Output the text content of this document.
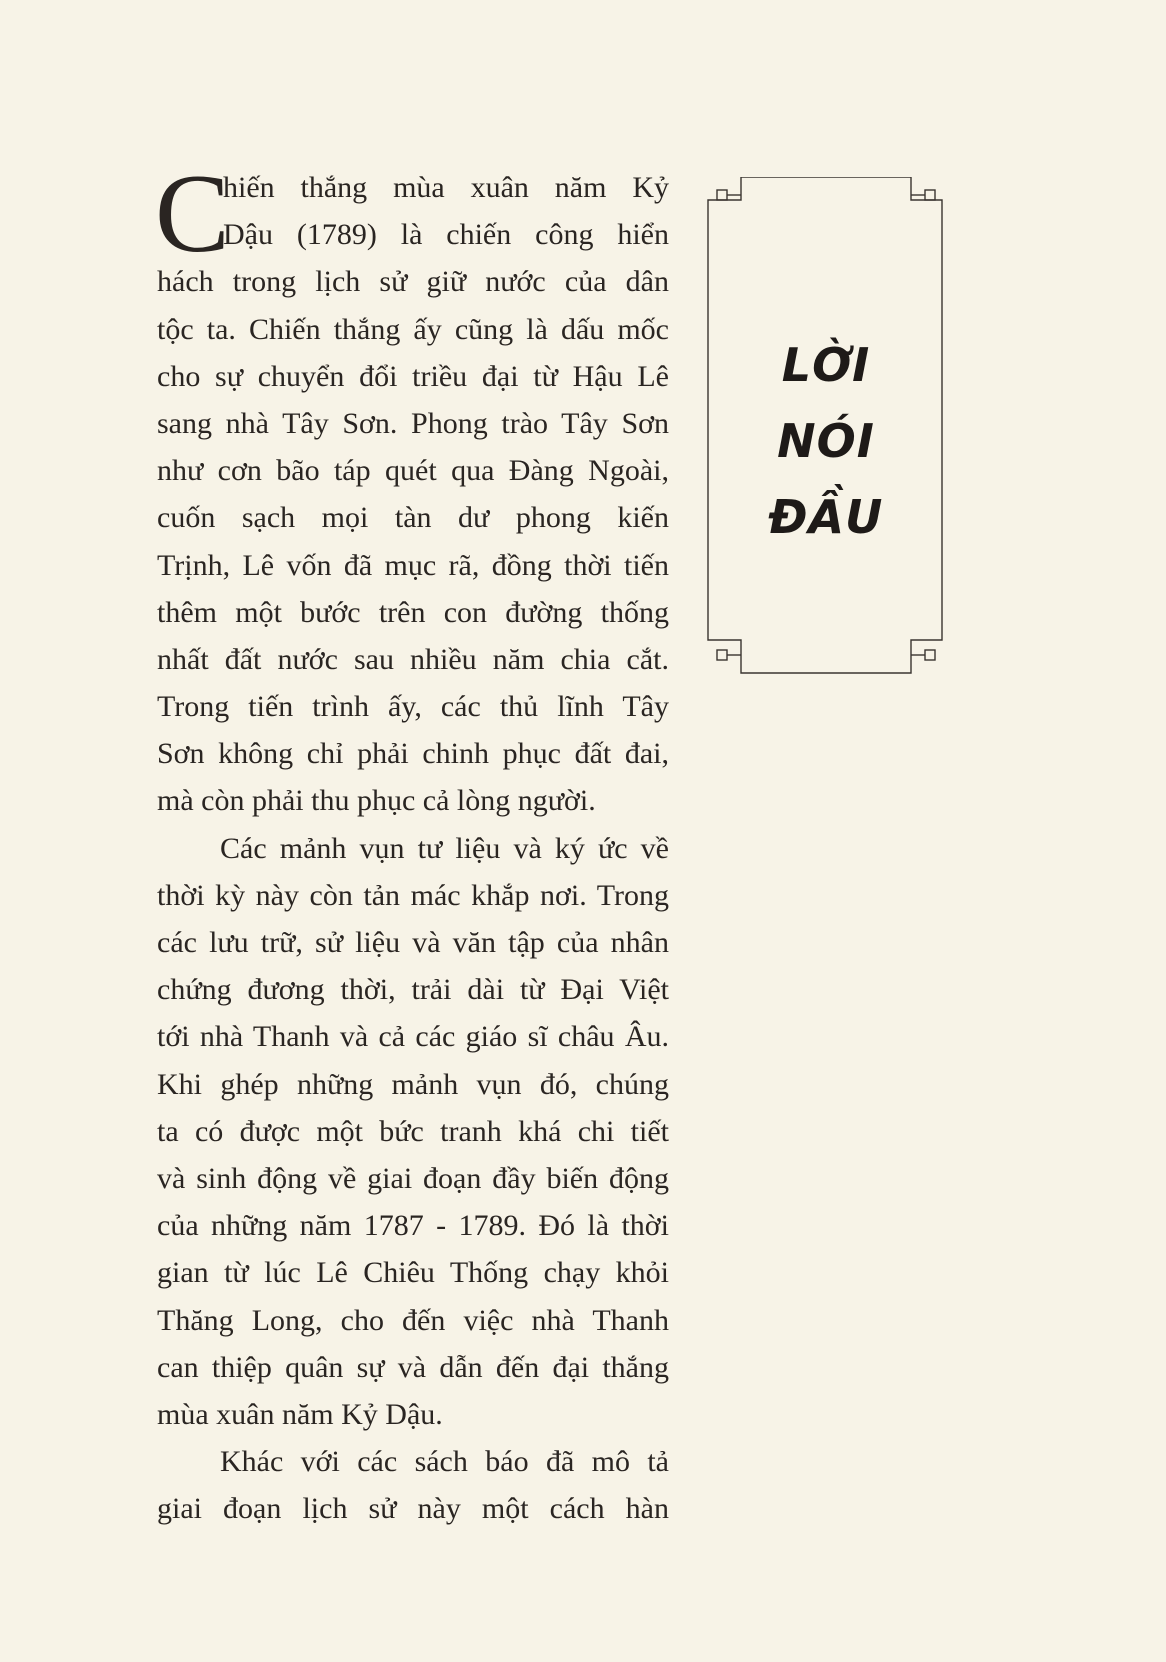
C
hiến thắng mùa xuân năm Kỷ
Dậu (1789) là chiến công hiển
hách trong lịch sử giữ nước của dân
tộc ta. Chiến thắng ấy cũng là dấu mốc
cho sự chuyển đổi triều đại từ Hậu Lê
sang nhà Tây Sơn. Phong trào Tây Sơn
như cơn bão táp quét qua Đàng Ngoài,
cuốn sạch mọi tàn dư phong kiến
Trịnh, Lê vốn đã mục rã, đồng thời tiến
thêm một bước trên con đường thống
nhất đất nước sau nhiều năm chia cắt.
Trong tiến trình ấy, các thủ lĩnh Tây
Sơn không chỉ phải chinh phục đất đai,
mà còn phải thu phục cả lòng người.
Các mảnh vụn tư liệu và ký ức về
thời kỳ này còn tản mác khắp nơi. Trong
các lưu trữ, sử liệu và văn tập của nhân
chứng đương thời, trải dài từ Đại Việt
tới nhà Thanh và cả các giáo sĩ châu Âu.
Khi ghép những mảnh vụn đó, chúng
ta có được một bức tranh khá chi tiết
và sinh động về giai đoạn đầy biến động
của những năm 1787 - 1789. Đó là thời
gian từ lúc Lê Chiêu Thống chạy khỏi
Thăng Long, cho đến việc nhà Thanh
can thiệp quân sự và dẫn đến đại thắng
mùa xuân năm Kỷ Dậu.
Khác với các sách báo đã mô tả
giai đoạn lịch sử này một cách hàn
LỜI
NÓI
ĐẦU
